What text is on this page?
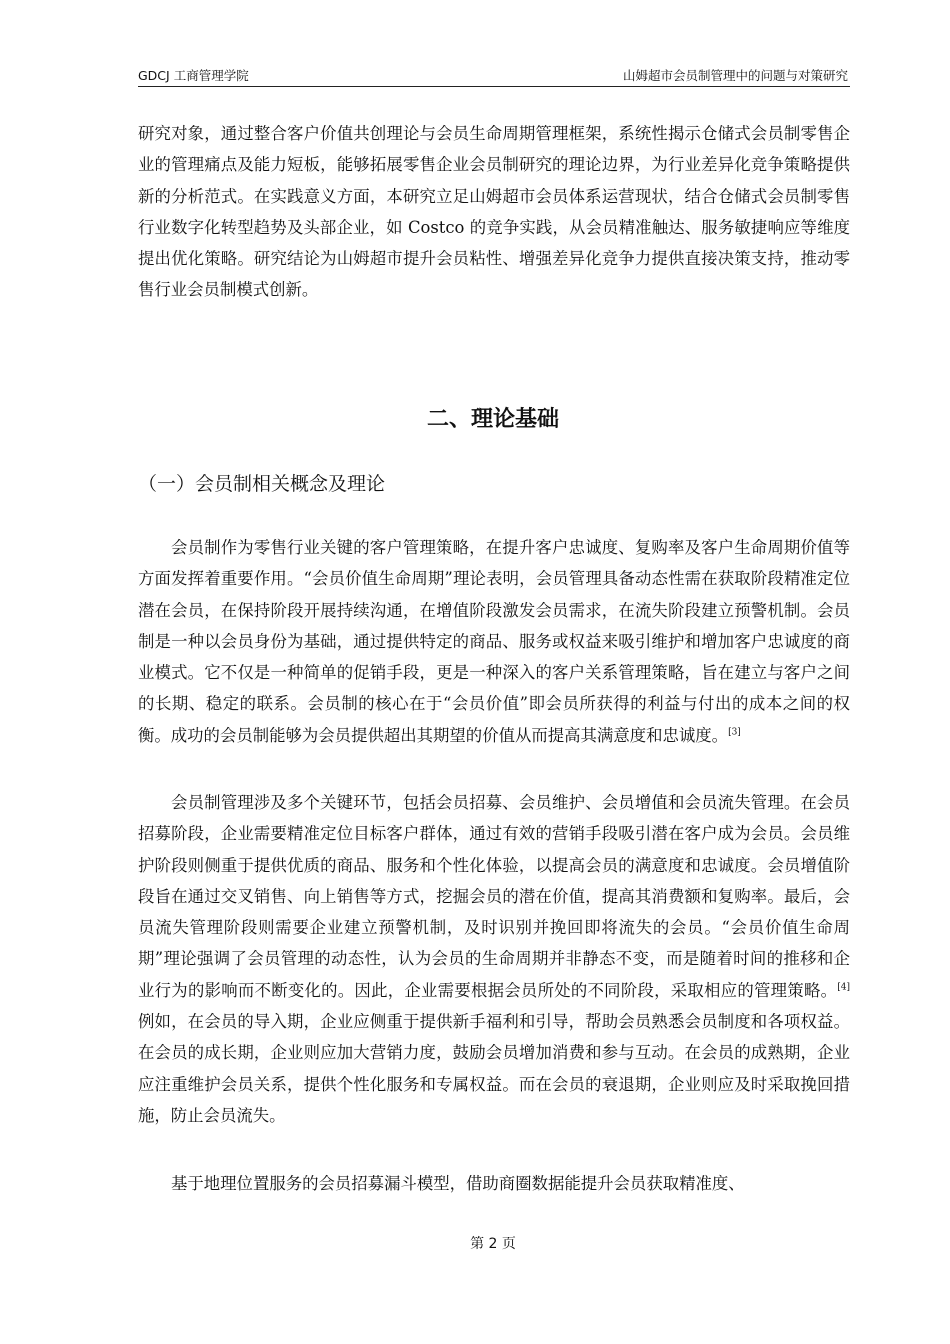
GDCJ 工商管理学院	山姆超市会员制管理中的问题与对策研究

研究对象，通过整合客户价值共创理论与会员生命周期管理框架，系统性揭示仓储式会员制零售企业的管理痛点及能力短板，能够拓展零售企业会员制研究的理论边界，为行业差异化竞争策略提供新的分析范式。在实践意义方面，本研究立足山姆超市会员体系运营现状，结合仓储式会员制零售行业数字化转型趋势及头部企业，如 Costco 的竞争实践，从会员精准触达、服务敏捷响应等维度提出优化策略。研究结论为山姆超市提升会员粘性、增强差异化竞争力提供直接决策支持，推动零售行业会员制模式创新。

二、理论基础
（一）会员制相关概念及理论

会员制作为零售行业关键的客户管理策略，在提升客户忠诚度、复购率及客户生命周期价值等方面发挥着重要作用。“会员价值生命周期”理论表明，会员管理具备动态性需在获取阶段精准定位潜在会员，在保持阶段开展持续沟通，在增值阶段激发会员需求，在流失阶段建立预警机制。会员制是一种以会员身份为基础，通过提供特定的商品、服务或权益来吸引维护和增加客户忠诚度的商业模式。它不仅是一种简单的促销手段，更是一种深入的客户关系管理策略，旨在建立与客户之间的长期、稳定的联系。会员制的核心在于“会员价值”即会员所获得的利益与付出的成本之间的权衡。成功的会员制能够为会员提供超出其期望的价值从而提高其满意度和忠诚度。[3]

会员制管理涉及多个关键环节，包括会员招募、会员维护、会员增值和会员流失管理。在会员招募阶段，企业需要精准定位目标客户群体，通过有效的营销手段吸引潜在客户成为会员。会员维护阶段则侧重于提供优质的商品、服务和个性化体验，以提高会员的满意度和忠诚度。会员增值阶段旨在通过交叉销售、向上销售等方式，挖掘会员的潜在价值，提高其消费额和复购率。最后，会员流失管理阶段则需要企业建立预警机制，及时识别并挽回即将流失的会员。“会员价值生命周期”理论强调了会员管理的动态性，认为会员的生命周期并非静态不变，而是随着时间的推移和企业行为的影响而不断变化的。因此，企业需要根据会员所处的不同阶段，采取相应的管理策略。[4]例如，在会员的导入期，企业应侧重于提供新手福利和引导，帮助会员熟悉会员制度和各项权益。在会员的成长期，企业则应加大营销力度，鼓励会员增加消费和参与互动。在会员的成熟期，企业应注重维护会员关系，提供个性化服务和专属权益。而在会员的衰退期，企业则应及时采取挽回措施，防止会员流失。

基于地理位置服务的会员招募漏斗模型，借助商圈数据能提升会员获取精准度、

第 2 页
